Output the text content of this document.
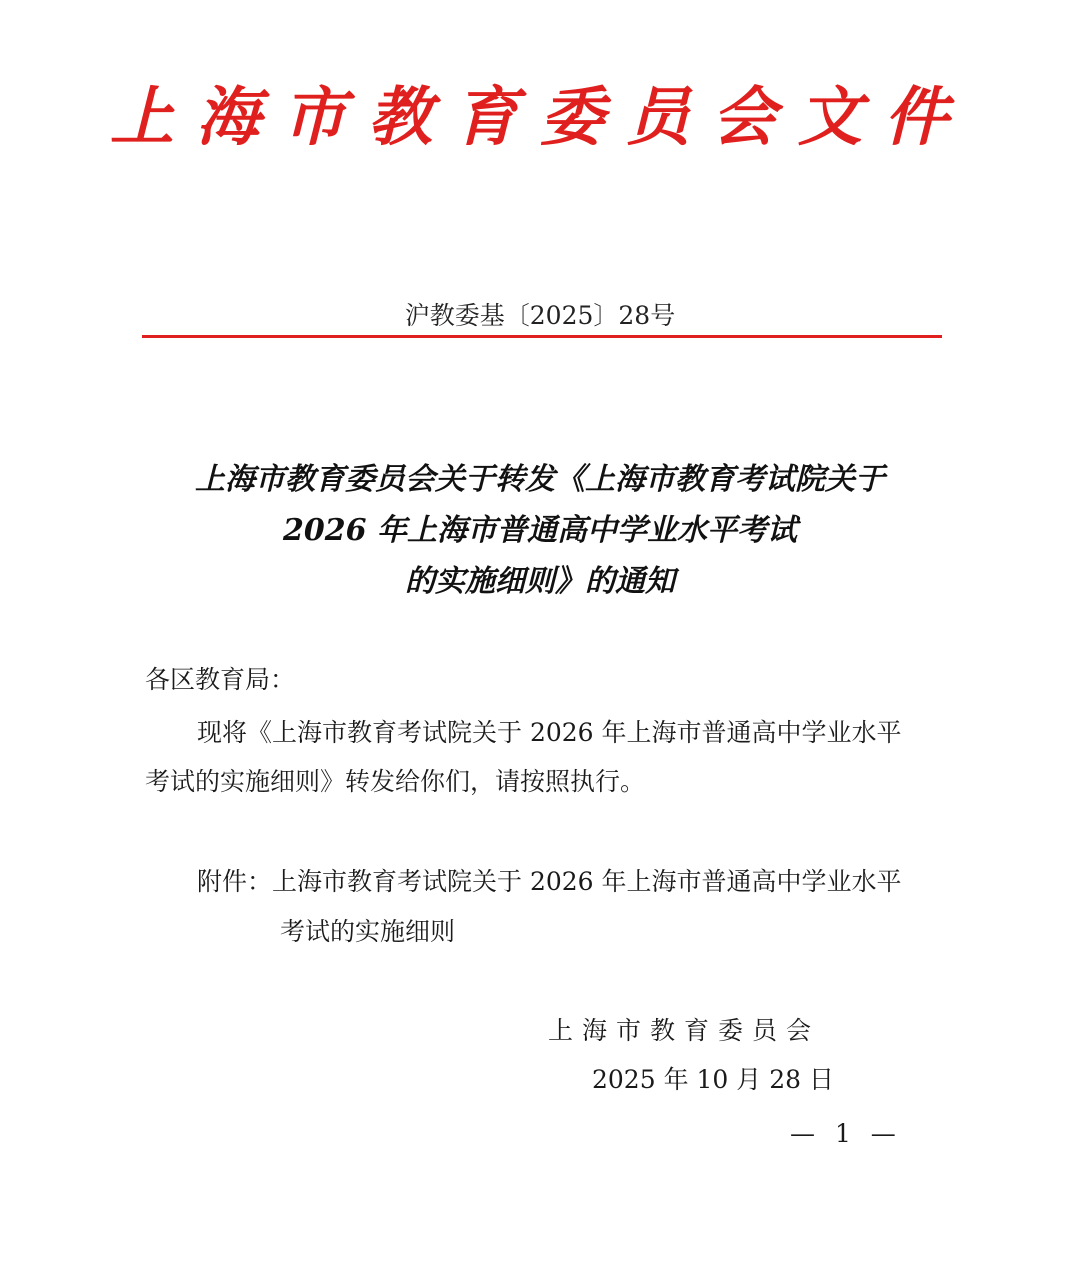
上海市教育委员会文件
沪教委基〔2025〕28号
上海市教育委员会关于转发《上海市教育考试院关于
2026 年上海市普通高中学业水平考试
的实施细则》的通知
各区教育局：
现将《上海市教育考试院关于 2026 年上海市普通高中学业水平
考试的实施细则》转发给你们，请按照执行。
附件：上海市教育考试院关于 2026 年上海市普通高中学业水平
考试的实施细则
上海市教育委员会
2025 年 10 月 28 日
— 1 —
